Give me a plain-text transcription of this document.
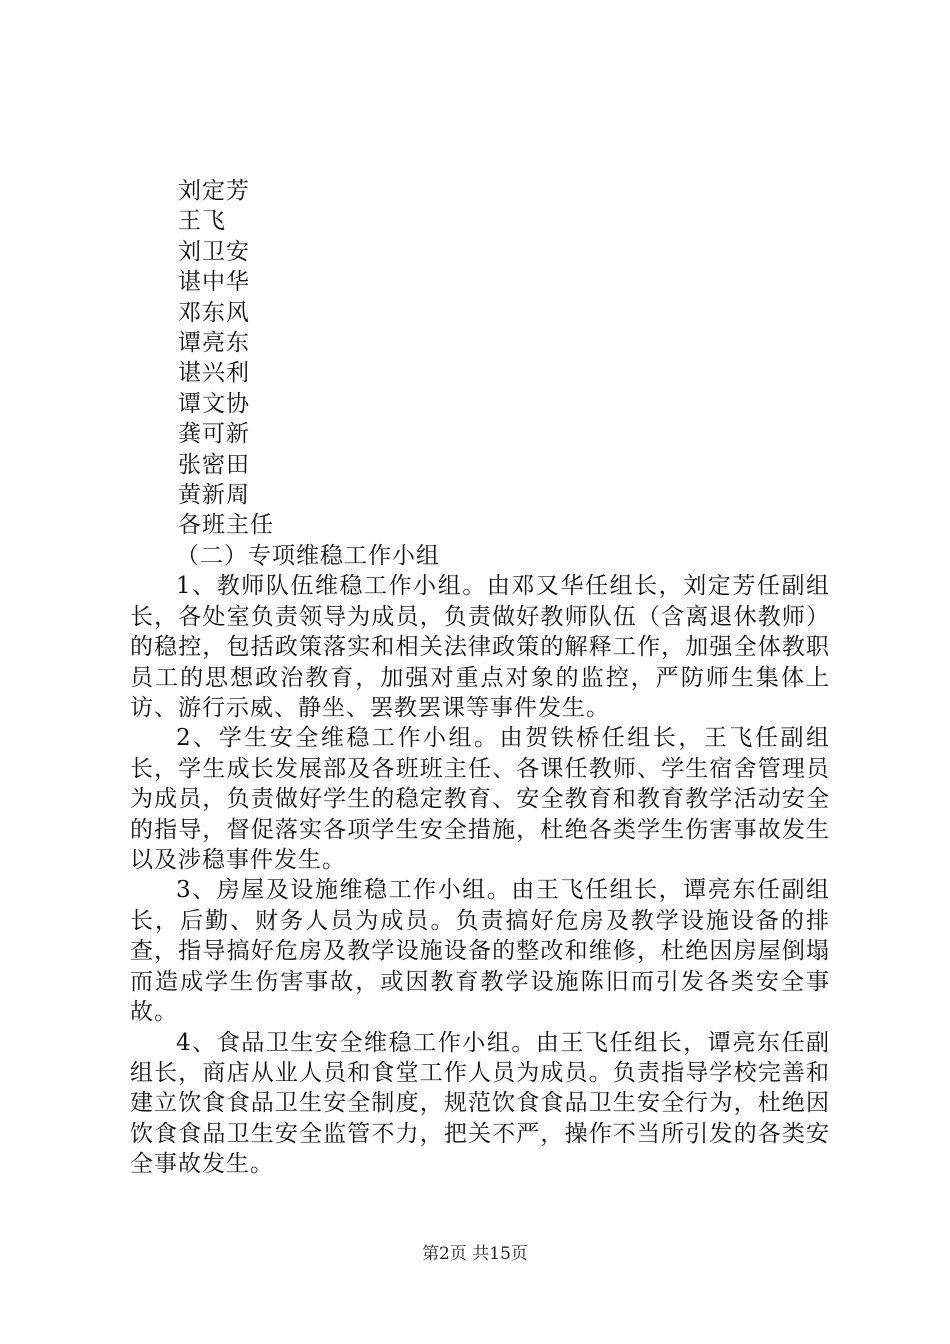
刘定芳
王飞
刘卫安
谌中华
邓东风
谭亮东
谌兴利
谭文协
龚可新
张密田
黄新周
各班主任

（二）专项维稳工作小组

1、教师队伍维稳工作小组。由邓又华任组长，刘定芳任副组长，各处室负责领导为成员，负责做好教师队伍（含离退休教师）的稳控，包括政策落实和相关法律政策的解释工作，加强全体教职员工的思想政治教育，加强对重点对象的监控，严防师生集体上访、游行示威、静坐、罢教罢课等事件发生。

2、学生安全维稳工作小组。由贺铁桥任组长，王飞任副组长，学生成长发展部及各班班主任、各课任教师、学生宿舍管理员为成员，负责做好学生的稳定教育、安全教育和教育教学活动安全的指导，督促落实各项学生安全措施，杜绝各类学生伤害事故发生以及涉稳事件发生。

3、房屋及设施维稳工作小组。由王飞任组长，谭亮东任副组长，后勤、财务人员为成员。负责搞好危房及教学设施设备的排查，指导搞好危房及教学设施设备的整改和维修，杜绝因房屋倒塌而造成学生伤害事故，或因教育教学设施陈旧而引发各类安全事故。

4、食品卫生安全维稳工作小组。由王飞任组长，谭亮东任副组长，商店从业人员和食堂工作人员为成员。负责指导学校完善和建立饮食食品卫生安全制度，规范饮食食品卫生安全行为，杜绝因饮食食品卫生安全监管不力，把关不严，操作不当所引发的各类安全事故发生。

第2页 共15页
